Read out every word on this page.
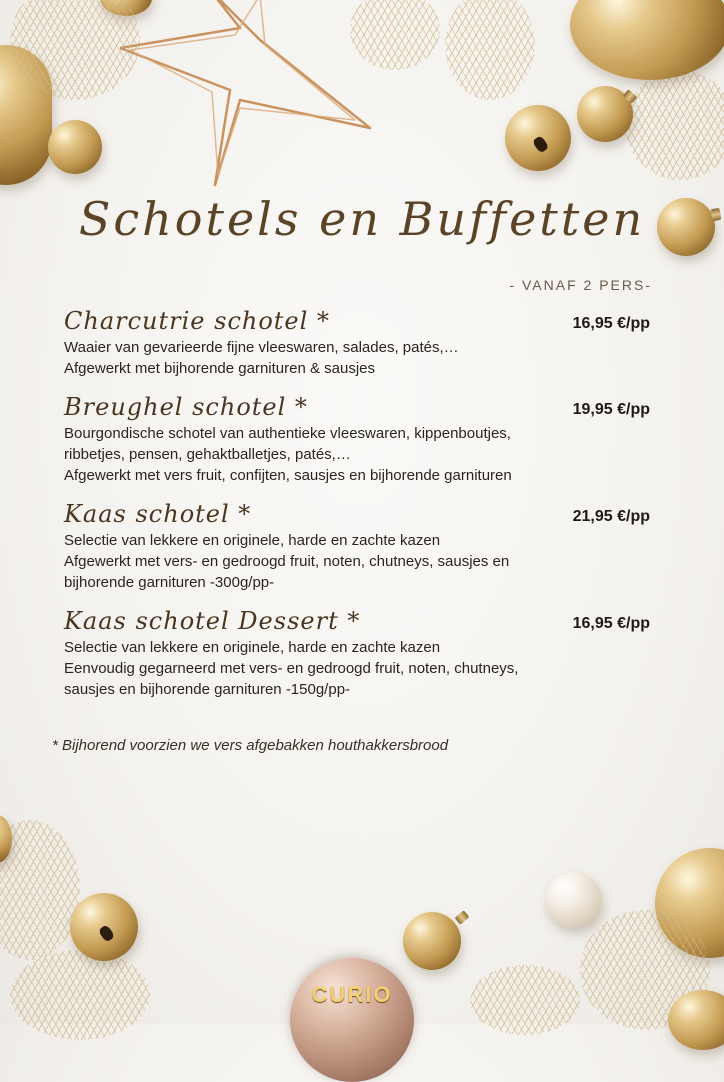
Schotels en Buffetten
- VANAF 2 PERS-
Charcutrie schotel *	16,95 €/pp
Waaier van gevarieerde fijne vleeswaren, salades, patés,…
Afgewerkt met bijhorende garnituren & sausjes
Breughel schotel *	19,95 €/pp
Bourgondische schotel van authentieke vleeswaren, kippenboutjes,
ribbetjes, pensen, gehaktballetjes, patés,…
Afgewerkt met vers fruit, confijten, sausjes en bijhorende garnituren
Kaas schotel *	21,95 €/pp
Selectie van lekkere en originele, harde en zachte kazen
Afgewerkt met vers- en gedroogd fruit, noten, chutneys, sausjes en
bijhorende garnituren -300g/pp-
Kaas schotel Dessert *	16,95 €/pp
Selectie van lekkere en originele, harde en zachte kazen
Eenvoudig gegarneerd met vers- en gedroogd fruit, noten, chutneys,
sausjes en bijhorende garnituren -150g/pp-
* Bijhorend voorzien we vers afgebakken houthakkersbrood
CURIO
